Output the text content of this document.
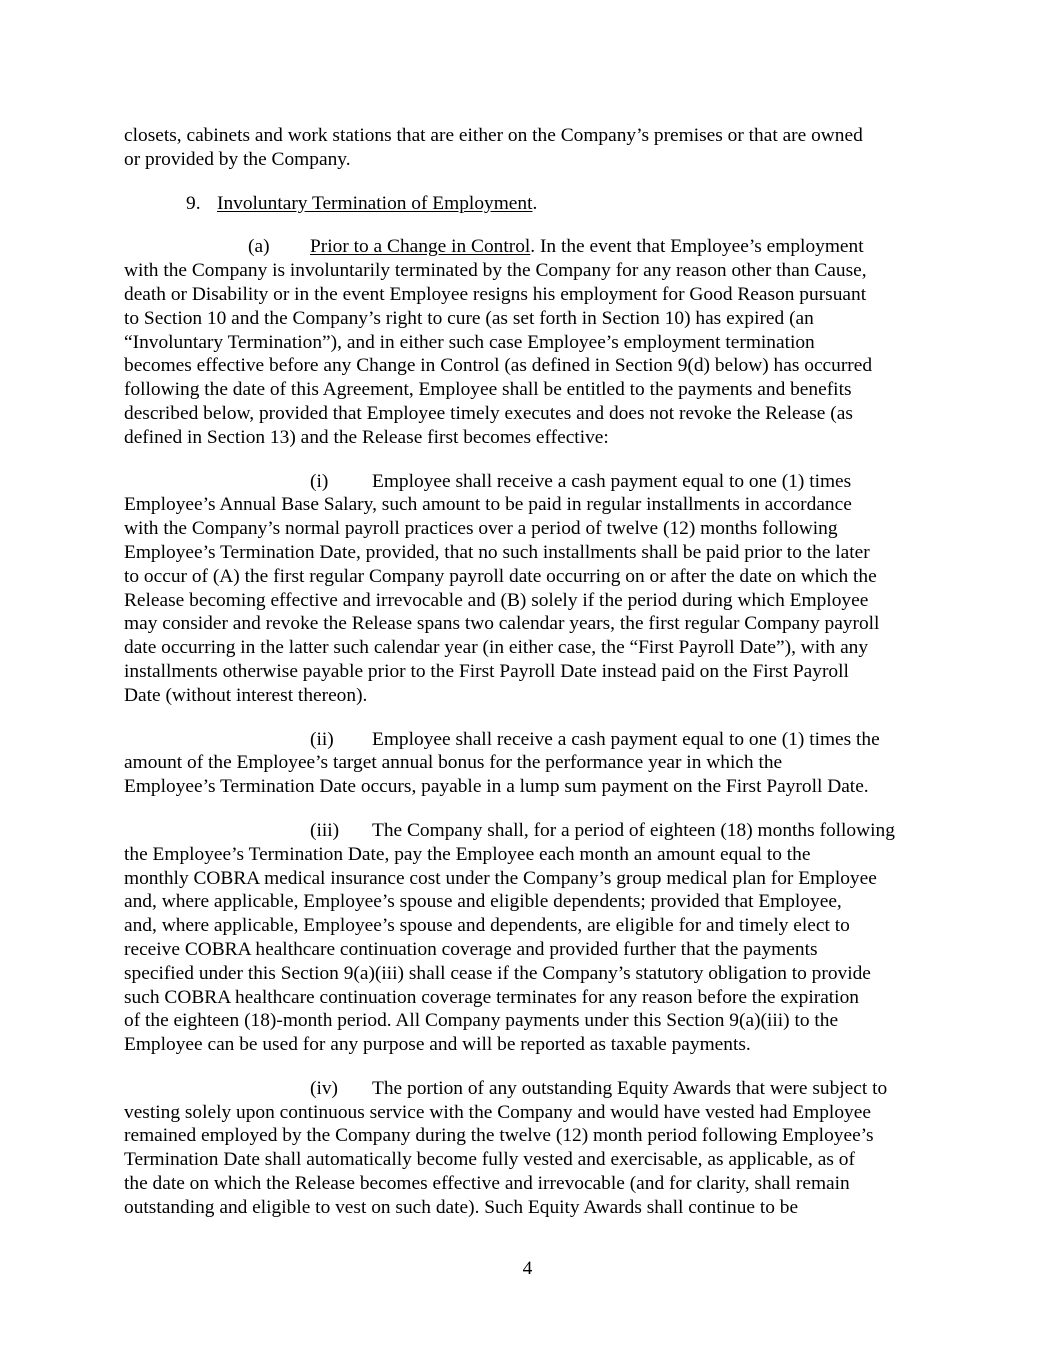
closets, cabinets and work stations that are either on the Company’s premises or that are owned
or provided by the Company.

9. Involuntary Termination of Employment.

(a) Prior to a Change in Control. In the event that Employee’s employment
with the Company is involuntarily terminated by the Company for any reason other than Cause,
death or Disability or in the event Employee resigns his employment for Good Reason pursuant
to Section 10 and the Company’s right to cure (as set forth in Section 10) has expired (an
“Involuntary Termination”), and in either such case Employee’s employment termination
becomes effective before any Change in Control (as defined in Section 9(d) below) has occurred
following the date of this Agreement, Employee shall be entitled to the payments and benefits
described below, provided that Employee timely executes and does not revoke the Release (as
defined in Section 13) and the Release first becomes effective:

(i) Employee shall receive a cash payment equal to one (1) times
Employee’s Annual Base Salary, such amount to be paid in regular installments in accordance
with the Company’s normal payroll practices over a period of twelve (12) months following
Employee’s Termination Date, provided, that no such installments shall be paid prior to the later
to occur of (A) the first regular Company payroll date occurring on or after the date on which the
Release becoming effective and irrevocable and (B) solely if the period during which Employee
may consider and revoke the Release spans two calendar years, the first regular Company payroll
date occurring in the latter such calendar year (in either case, the “First Payroll Date”), with any
installments otherwise payable prior to the First Payroll Date instead paid on the First Payroll
Date (without interest thereon).

(ii) Employee shall receive a cash payment equal to one (1) times the
amount of the Employee’s target annual bonus for the performance year in which the
Employee’s Termination Date occurs, payable in a lump sum payment on the First Payroll Date.

(iii) The Company shall, for a period of eighteen (18) months following
the Employee’s Termination Date, pay the Employee each month an amount equal to the
monthly COBRA medical insurance cost under the Company’s group medical plan for Employee
and, where applicable, Employee’s spouse and eligible dependents; provided that Employee,
and, where applicable, Employee’s spouse and dependents, are eligible for and timely elect to
receive COBRA healthcare continuation coverage and provided further that the payments
specified under this Section 9(a)(iii) shall cease if the Company’s statutory obligation to provide
such COBRA healthcare continuation coverage terminates for any reason before the expiration
of the eighteen (18)-month period. All Company payments under this Section 9(a)(iii) to the
Employee can be used for any purpose and will be reported as taxable payments.

(iv) The portion of any outstanding Equity Awards that were subject to
vesting solely upon continuous service with the Company and would have vested had Employee
remained employed by the Company during the twelve (12) month period following Employee’s
Termination Date shall automatically become fully vested and exercisable, as applicable, as of
the date on which the Release becomes effective and irrevocable (and for clarity, shall remain
outstanding and eligible to vest on such date). Such Equity Awards shall continue to be

4
